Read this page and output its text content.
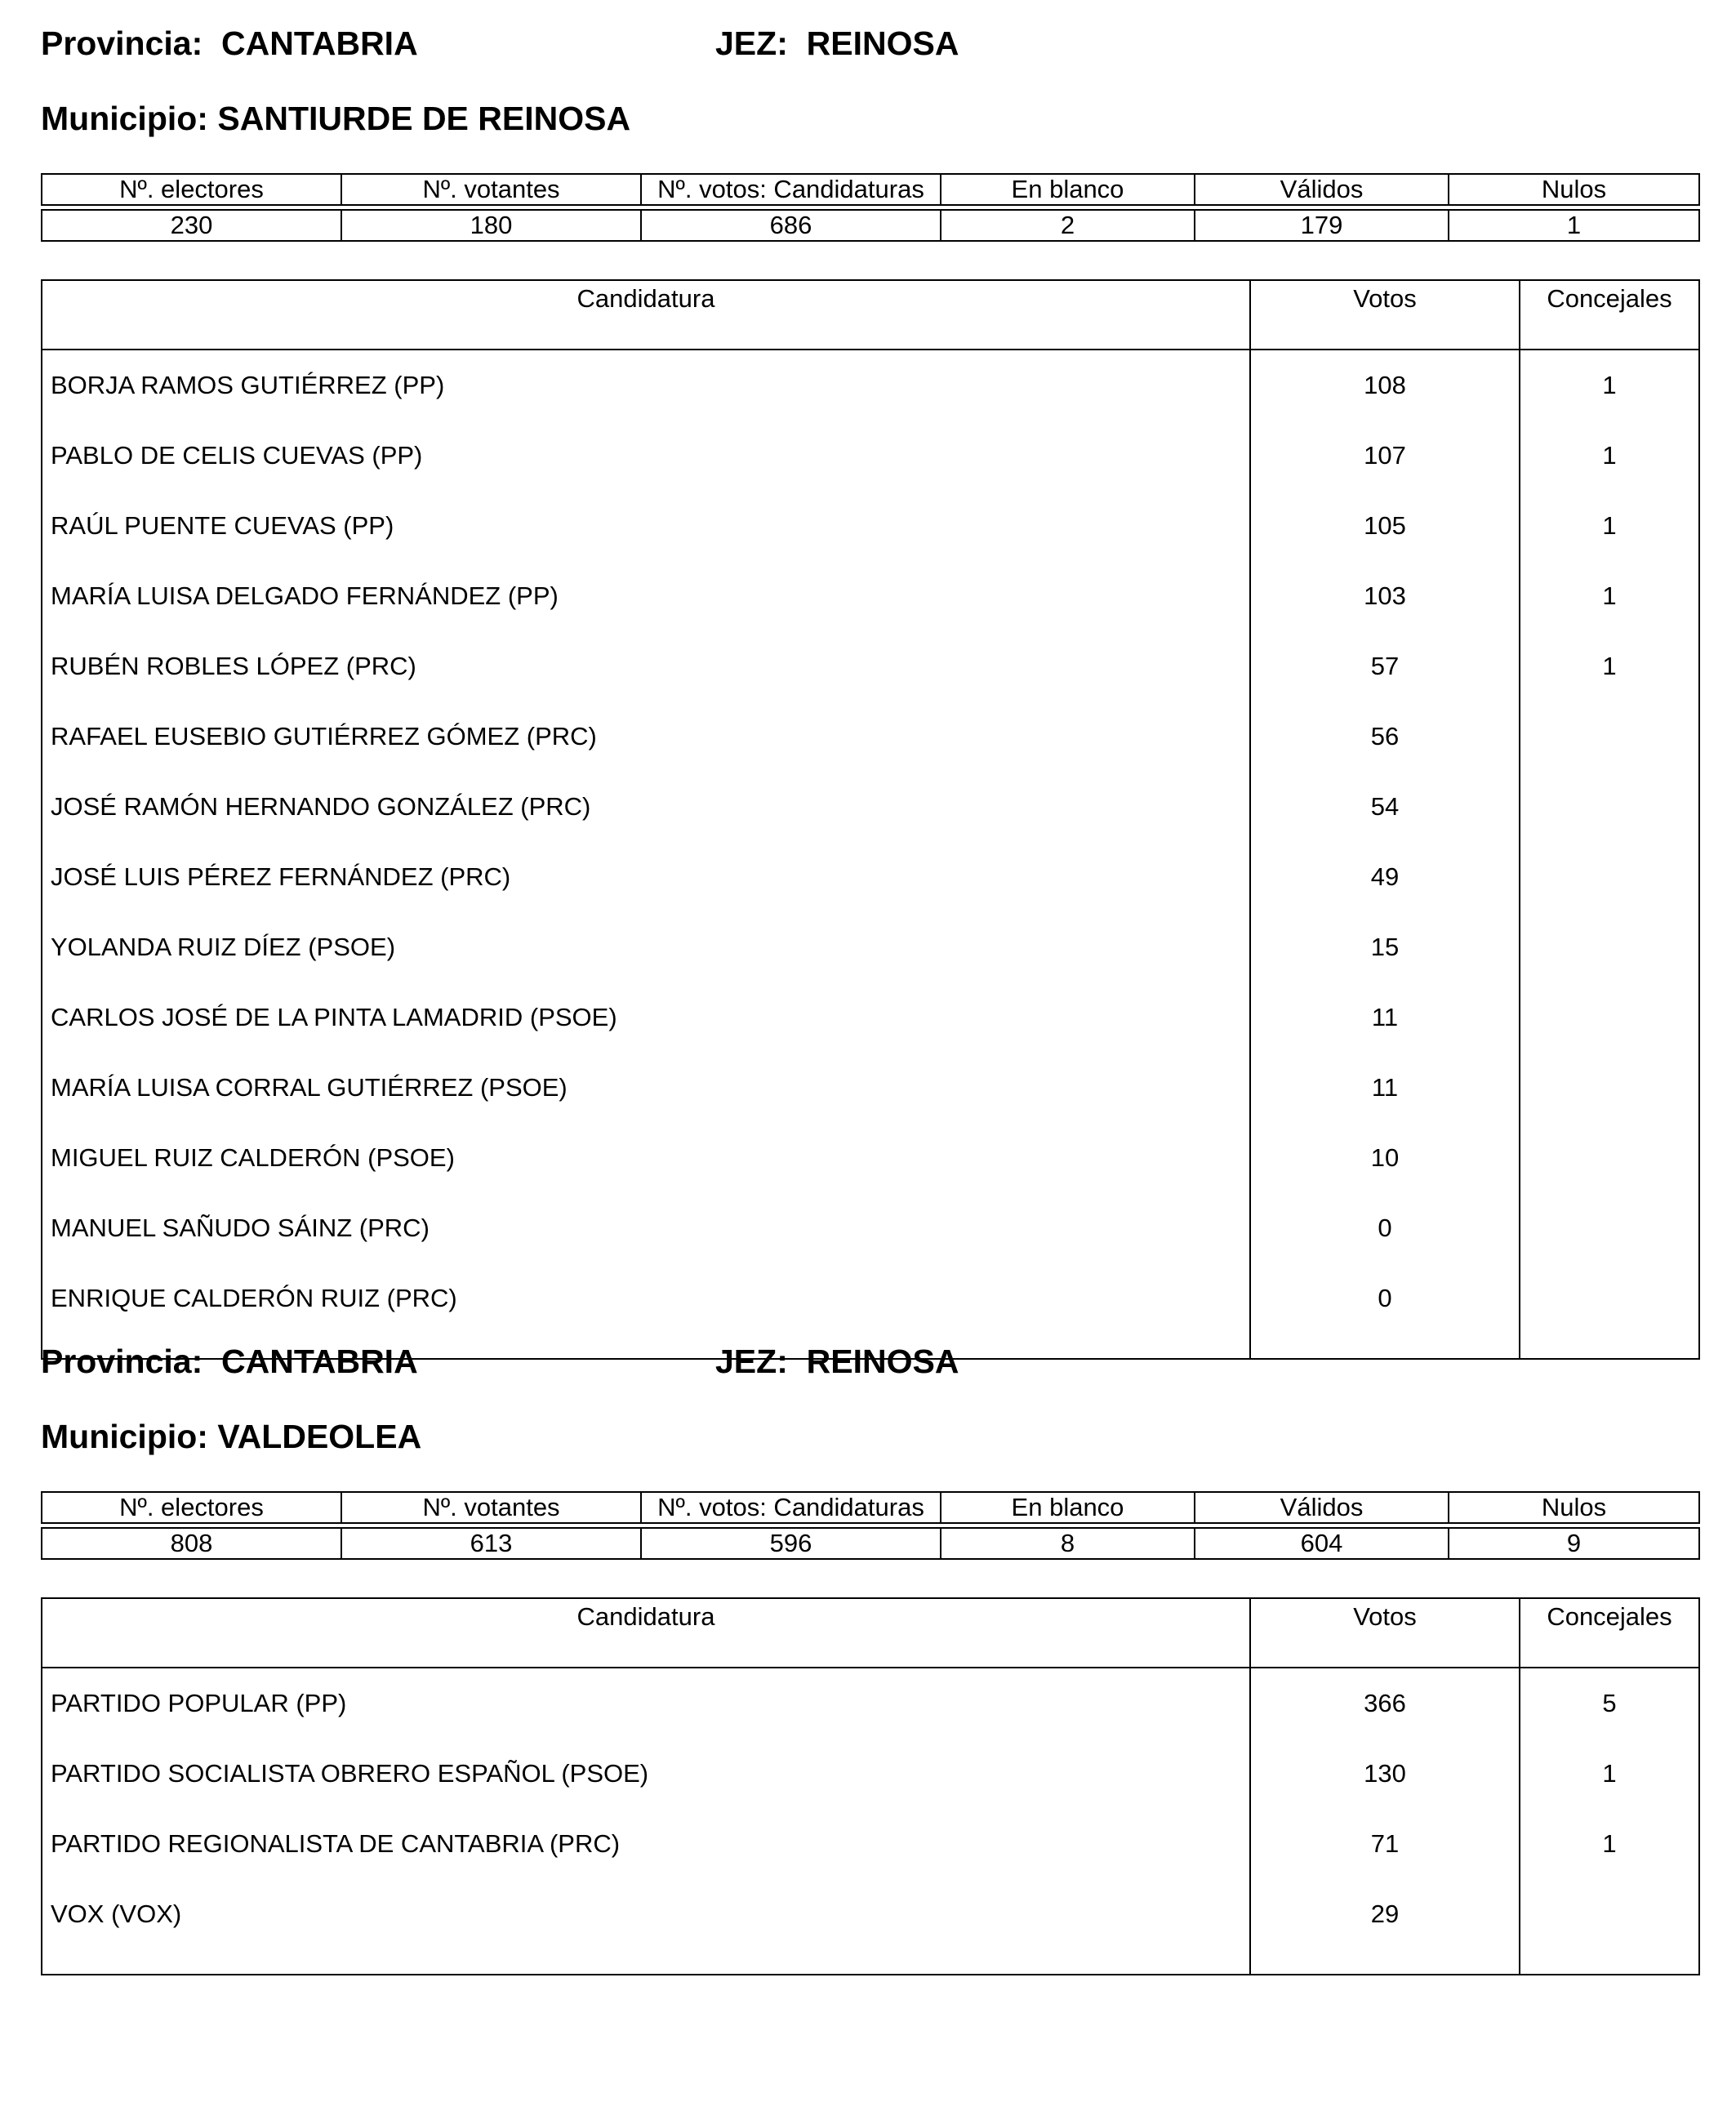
Provincia: CANTABRIA	JEZ: REINOSA
Municipio: SANTIURDE DE REINOSA
Nº. electores	Nº. votantes	Nº. votos: Candidaturas	En blanco	Válidos	Nulos

230	180	686	2	179	1
Candidatura	Votos	Concejales
BORJA RAMOS GUTIÉRREZ (PP)	108	1
PABLO DE CELIS CUEVAS (PP)	107	1
RAÚL PUENTE CUEVAS (PP)	105	1
MARÍA LUISA DELGADO FERNÁNDEZ (PP)	103	1
RUBÉN ROBLES LÓPEZ (PRC)	57	1
RAFAEL EUSEBIO GUTIÉRREZ GÓMEZ (PRC)	56	
JOSÉ RAMÓN HERNANDO GONZÁLEZ (PRC)	54	
JOSÉ LUIS PÉREZ FERNÁNDEZ (PRC)	49	
YOLANDA RUIZ DÍEZ (PSOE)	15	
CARLOS JOSÉ DE LA PINTA LAMADRID (PSOE)	11	
MARÍA LUISA CORRAL GUTIÉRREZ (PSOE)	11	
MIGUEL RUIZ CALDERÓN (PSOE)	10	
MANUEL SAÑUDO SÁINZ (PRC)	0	
ENRIQUE CALDERÓN RUIZ (PRC)	0	

Provincia: CANTABRIA	JEZ: REINOSA
Municipio: VALDEOLEA
Nº. electores	Nº. votantes	Nº. votos: Candidaturas	En blanco	Válidos	Nulos

808	613	596	8	604	9
Candidatura	Votos	Concejales
PARTIDO POPULAR (PP)	366	5
PARTIDO SOCIALISTA OBRERO ESPAÑOL (PSOE)	130	1
PARTIDO REGIONALISTA DE CANTABRIA (PRC)	71	1
VOX (VOX)	29	
